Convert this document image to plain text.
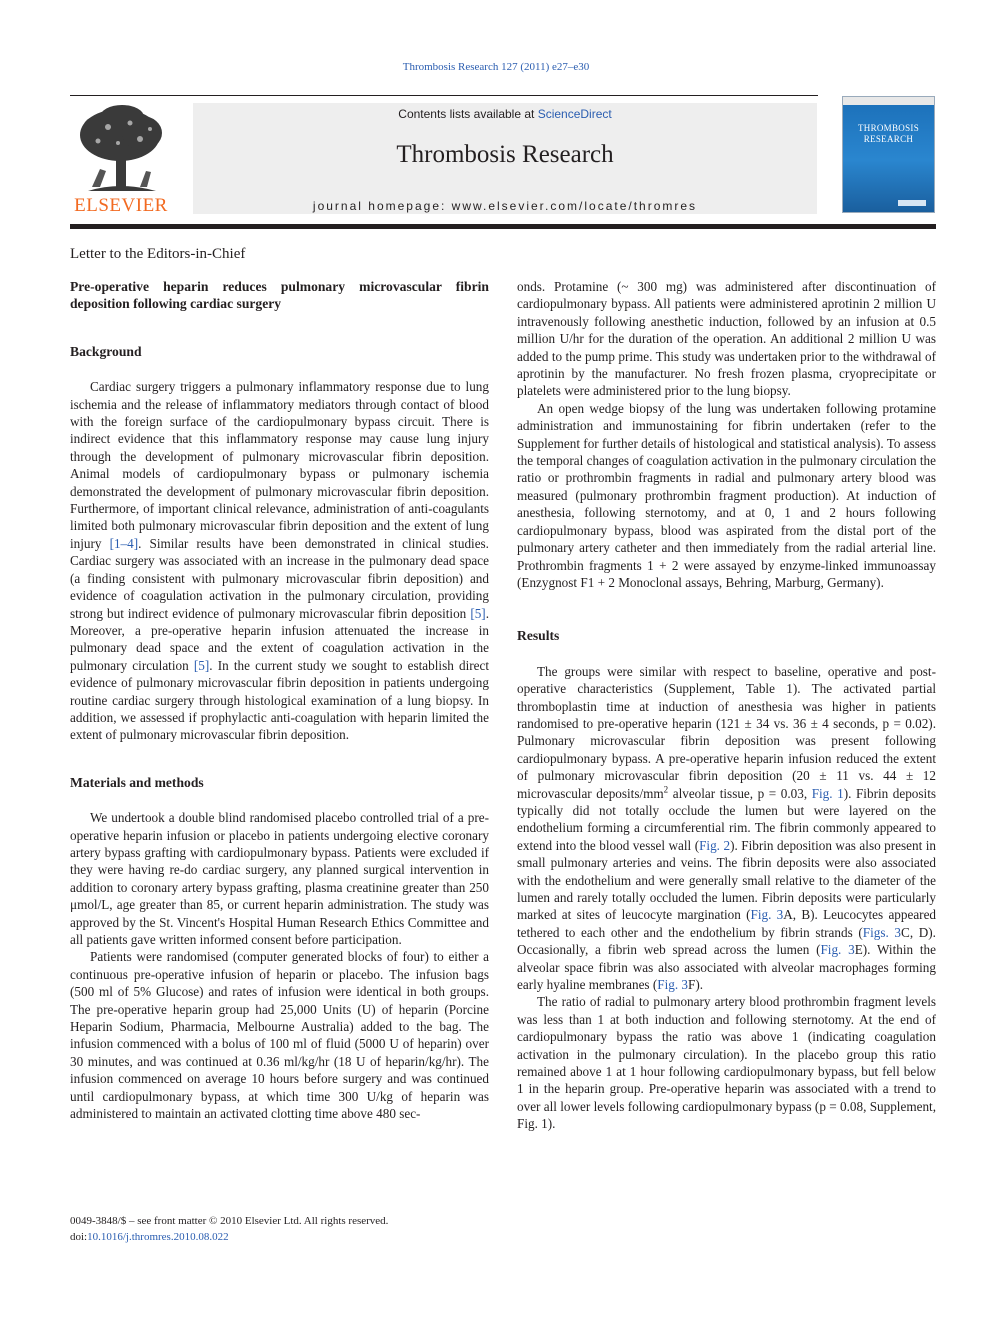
Thrombosis Research 127 (2011) e27–e30
ELSEVIER
Contents lists available at ScienceDirect
Thrombosis Research
journal homepage: www.elsevier.com/locate/thromres
THROMBOSIS
RESEARCH
Letter to the Editors-in-Chief

Pre-operative heparin reduces pulmonary microvascular fibrin deposition following cardiac surgery

Background

Cardiac surgery triggers a pulmonary inflammatory response due to lung ischemia and the release of inflammatory mediators through contact of blood with the foreign surface of the cardiopulmonary bypass circuit. There is indirect evidence that this inflammatory response may cause lung injury through the development of pulmonary microvascular fibrin deposition. Animal models of cardiopulmonary bypass or pulmonary ischemia demonstrated the development of pulmonary microvascular fibrin deposition. Furthermore, of important clinical relevance, administration of anti-coagulants limited both pulmonary microvascular fibrin deposition and the extent of lung injury [1–4]. Similar results have been demonstrated in clinical studies. Cardiac surgery was associated with an increase in the pulmonary dead space (a finding consistent with pulmonary microvascular fibrin deposition) and evidence of coagulation activation in the pulmonary circulation, providing strong but indirect evidence of pulmonary microvascular fibrin deposition [5]. Moreover, a pre-operative heparin infusion attenuated the increase in pulmonary dead space and the extent of coagulation activation in the pulmonary circulation [5]. In the current study we sought to establish direct evidence of pulmonary microvascular fibrin deposition in patients undergoing routine cardiac surgery through histological examination of a lung biopsy. In addition, we assessed if prophylactic anti-coagulation with heparin limited the extent of pulmonary microvascular fibrin deposition.

Materials and methods

We undertook a double blind randomised placebo controlled trial of a pre-operative heparin infusion or placebo in patients undergoing elective coronary artery bypass grafting with cardiopulmonary bypass. Patients were excluded if they were having re-do cardiac surgery, any planned surgical intervention in addition to coronary artery bypass grafting, plasma creatinine greater than 250 μmol/L, age greater than 85, or current heparin administration. The study was approved by the St. Vincent's Hospital Human Research Ethics Committee and all patients gave written informed consent before participation.

Patients were randomised (computer generated blocks of four) to either a continuous pre-operative infusion of heparin or placebo. The infusion bags (500 ml of 5% Glucose) and rates of infusion were identical in both groups. The pre-operative heparin group had 25,000 Units (U) of heparin (Porcine Heparin Sodium, Pharmacia, Melbourne Australia) added to the bag. The infusion commenced with a bolus of 100 ml of fluid (5000 U of heparin) over 30 minutes, and was continued at 0.36 ml/kg/hr (18 U of heparin/kg/hr). The infusion commenced on average 10 hours before surgery and was continued until cardiopulmonary bypass, at which time 300 U/kg of heparin was administered to maintain an activated clotting time above 480 sec-

onds. Protamine (~ 300 mg) was administered after discontinuation of cardiopulmonary bypass. All patients were administered aprotinin 2 million U intravenously following anesthetic induction, followed by an infusion at 0.5 million U/hr for the duration of the operation. An additional 2 million U was added to the pump prime. This study was undertaken prior to the withdrawal of aprotinin by the manufacturer. No fresh frozen plasma, cryoprecipitate or platelets were administered prior to the lung biopsy.

An open wedge biopsy of the lung was undertaken following protamine administration and immunostaining for fibrin undertaken (refer to the Supplement for further details of histological and statistical analysis). To assess the temporal changes of coagulation activation in the pulmonary circulation the ratio or prothrombin fragments in radial and pulmonary artery blood was measured (pulmonary prothrombin fragment production). At induction of anesthesia, following sternotomy, and at 0, 1 and 2 hours following cardiopulmonary bypass, blood was aspirated from the distal port of the pulmonary artery catheter and then immediately from the radial arterial line. Prothrombin fragments 1 + 2 were assayed by enzyme-linked immunoassay (Enzygnost F1 + 2 Monoclonal assays, Behring, Marburg, Germany).

Results

The groups were similar with respect to baseline, operative and post-operative characteristics (Supplement, Table 1). The activated partial thromboplastin time at induction of anesthesia was higher in patients randomised to pre-operative heparin (121 ± 34 vs. 36 ± 4 seconds, p = 0.02). Pulmonary microvascular fibrin deposition was present following cardiopulmonary bypass. A pre-operative heparin infusion reduced the extent of pulmonary microvascular fibrin deposition (20 ± 11 vs. 44 ± 12 microvascular deposits/$mm^2$ alveolar tissue, p = 0.03, Fig. 1). Fibrin deposits typically did not totally occlude the lumen but were layered on the endothelium forming a circumferential rim. The fibrin commonly appeared to extend into the blood vessel wall (Fig. 2). Fibrin deposition was also present in small pulmonary arteries and veins. The fibrin deposits were also associated with the endothelium and were generally small relative to the diameter of the lumen and rarely totally occluded the lumen. Fibrin deposits were particularly marked at sites of leucocyte margination (Fig. 3A, B). Leucocytes appeared tethered to each other and the endothelium by fibrin strands (Figs. 3C, D). Occasionally, a fibrin web spread across the lumen (Fig. 3E). Within the alveolar space fibrin was also associated with alveolar macrophages forming early hyaline membranes (Fig. 3F).

The ratio of radial to pulmonary artery blood prothrombin fragment levels was less than 1 at both induction and following sternotomy. At the end of cardiopulmonary bypass the ratio was above 1 (indicating coagulation activation in the pulmonary circulation). In the placebo group this ratio remained above 1 at 1 hour following cardiopulmonary bypass, but fell below 1 in the heparin group. Pre-operative heparin was associated with a trend to over all lower levels following cardiopulmonary bypass (p = 0.08, Supplement, Fig. 1).

0049-3848/$ – see front matter © 2010 Elsevier Ltd. All rights reserved.
doi:10.1016/j.thromres.2010.08.022
